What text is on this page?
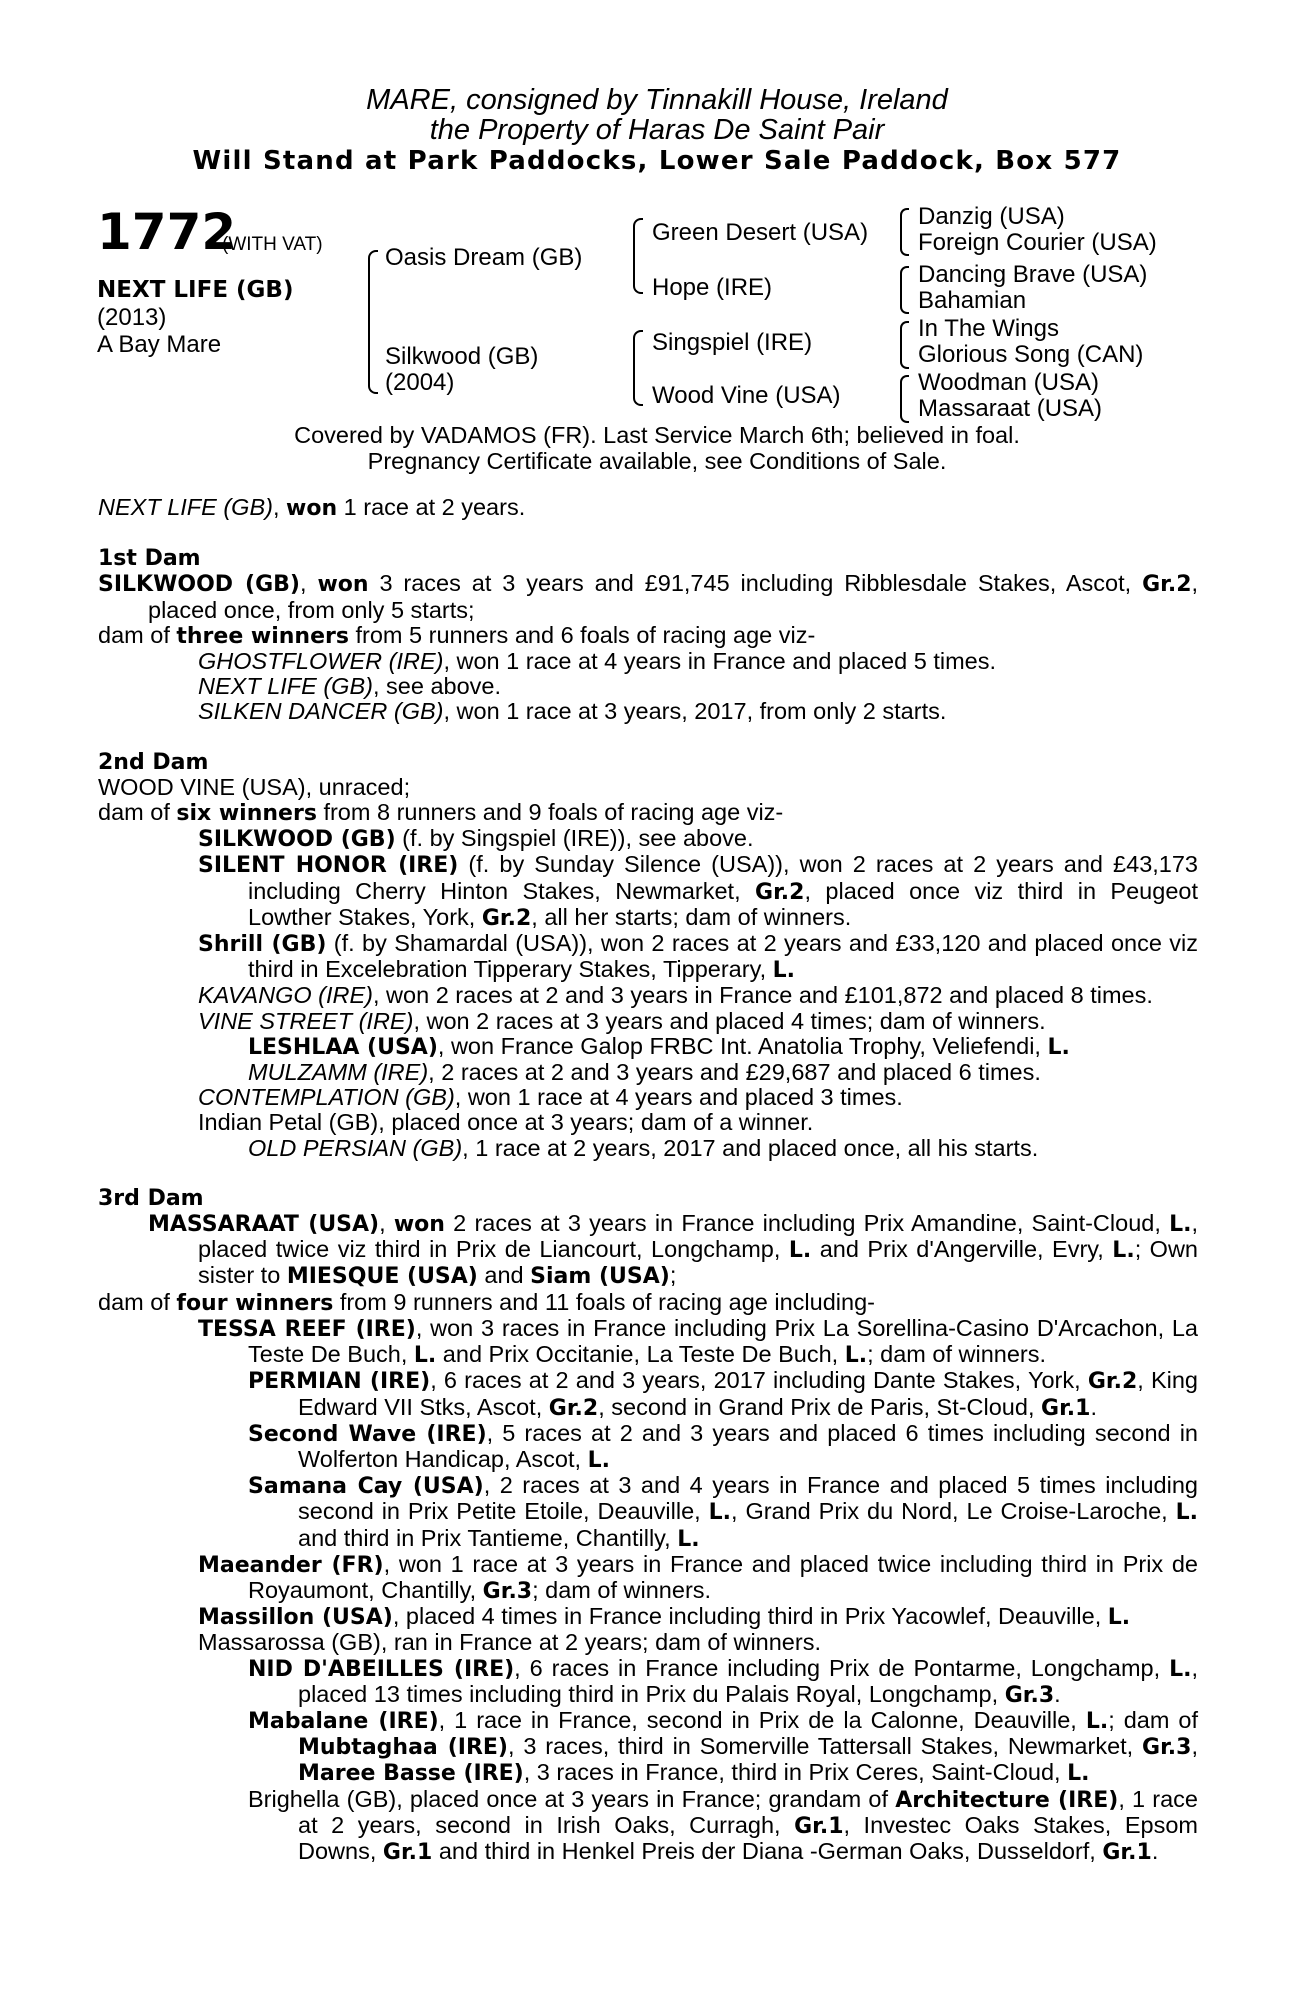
MARE, consigned by Tinnakill House, Ireland
the Property of Haras De Saint Pair
Will Stand at Park Paddocks, Lower Sale Paddock, Box 577
1772
(WITH VAT)
NEXT LIFE (GB)
(2013)
A Bay Mare
Oasis Dream (GB)
Silkwood (GB)
(2004)
Green Desert (USA)
Hope (IRE)
Singspiel (IRE)
Wood Vine (USA)
Danzig (USA)
Foreign Courier (USA)
Dancing Brave (USA)
Bahamian
In The Wings
Glorious Song (CAN)
Woodman (USA)
Massaraat (USA)
Covered by VADAMOS (FR). Last Service March 6th; believed in foal.
Pregnancy Certificate available, see Conditions of Sale.

NEXT LIFE (GB), won 1 race at 2 years.

1st Dam

SILKWOOD (GB), won 3 races at 3 years and £91,745 including Ribblesdale Stakes, Ascot, Gr.2, placed once, from only 5 starts;

dam of three winners from 5 runners and 6 foals of racing age viz-

GHOSTFLOWER (IRE), won 1 race at 4 years in France and placed 5 times.

NEXT LIFE (GB), see above.

SILKEN DANCER (GB), won 1 race at 3 years, 2017, from only 2 starts.

2nd Dam

WOOD VINE (USA), unraced;

dam of six winners from 8 runners and 9 foals of racing age viz-

SILKWOOD (GB) (f. by Singspiel (IRE)), see above.

SILENT HONOR (IRE) (f. by Sunday Silence (USA)), won 2 races at 2 years and £43,173 including Cherry Hinton Stakes, Newmarket, Gr.2, placed once viz third in Peugeot Lowther Stakes, York, Gr.2, all her starts; dam of winners.

Shrill (GB) (f. by Shamardal (USA)), won 2 races at 2 years and £33,120 and placed once viz third in Excelebration Tipperary Stakes, Tipperary, L.

KAVANGO (IRE), won 2 races at 2 and 3 years in France and £101,872 and placed 8 times.

VINE STREET (IRE), won 2 races at 3 years and placed 4 times; dam of winners.

LESHLAA (USA), won France Galop FRBC Int. Anatolia Trophy, Veliefendi, L.

MULZAMM (IRE), 2 races at 2 and 3 years and £29,687 and placed 6 times.

CONTEMPLATION (GB), won 1 race at 4 years and placed 3 times.

Indian Petal (GB), placed once at 3 years; dam of a winner.

OLD PERSIAN (GB), 1 race at 2 years, 2017 and placed once, all his starts.

3rd Dam

MASSARAAT (USA), won 2 races at 3 years in France including Prix Amandine, Saint-Cloud, L., placed twice viz third in Prix de Liancourt, Longchamp, L. and Prix d'Angerville, Evry, L.; Own sister to MIESQUE (USA) and Siam (USA);

dam of four winners from 9 runners and 11 foals of racing age including-

TESSA REEF (IRE), won 3 races in France including Prix La Sorellina-Casino D'Arcachon, La Teste De Buch, L. and Prix Occitanie, La Teste De Buch, L.; dam of winners.

PERMIAN (IRE), 6 races at 2 and 3 years, 2017 including Dante Stakes, York, Gr.2, King Edward VII Stks, Ascot, Gr.2, second in Grand Prix de Paris, St-Cloud, Gr.1.

Second Wave (IRE), 5 races at 2 and 3 years and placed 6 times including second in Wolferton Handicap, Ascot, L.

Samana Cay (USA), 2 races at 3 and 4 years in France and placed 5 times including second in Prix Petite Etoile, Deauville, L., Grand Prix du Nord, Le Croise-Laroche, L. and third in Prix Tantieme, Chantilly, L.

Maeander (FR), won 1 race at 3 years in France and placed twice including third in Prix de Royaumont, Chantilly, Gr.3; dam of winners.

Massillon (USA), placed 4 times in France including third in Prix Yacowlef, Deauville, L.

Massarossa (GB), ran in France at 2 years; dam of winners.

NID D'ABEILLES (IRE), 6 races in France including Prix de Pontarme, Longchamp, L., placed 13 times including third in Prix du Palais Royal, Longchamp, Gr.3.

Mabalane (IRE), 1 race in France, second in Prix de la Calonne, Deauville, L.; dam of Mubtaghaa (IRE), 3 races, third in Somerville Tattersall Stakes, Newmarket, Gr.3, Maree Basse (IRE), 3 races in France, third in Prix Ceres, Saint-Cloud, L.

Brighella (GB), placed once at 3 years in France; grandam of Architecture (IRE), 1 race at 2 years, second in Irish Oaks, Curragh, Gr.1, Investec Oaks Stakes, Epsom Downs, Gr.1 and third in Henkel Preis der Diana -German Oaks, Dusseldorf, Gr.1.
